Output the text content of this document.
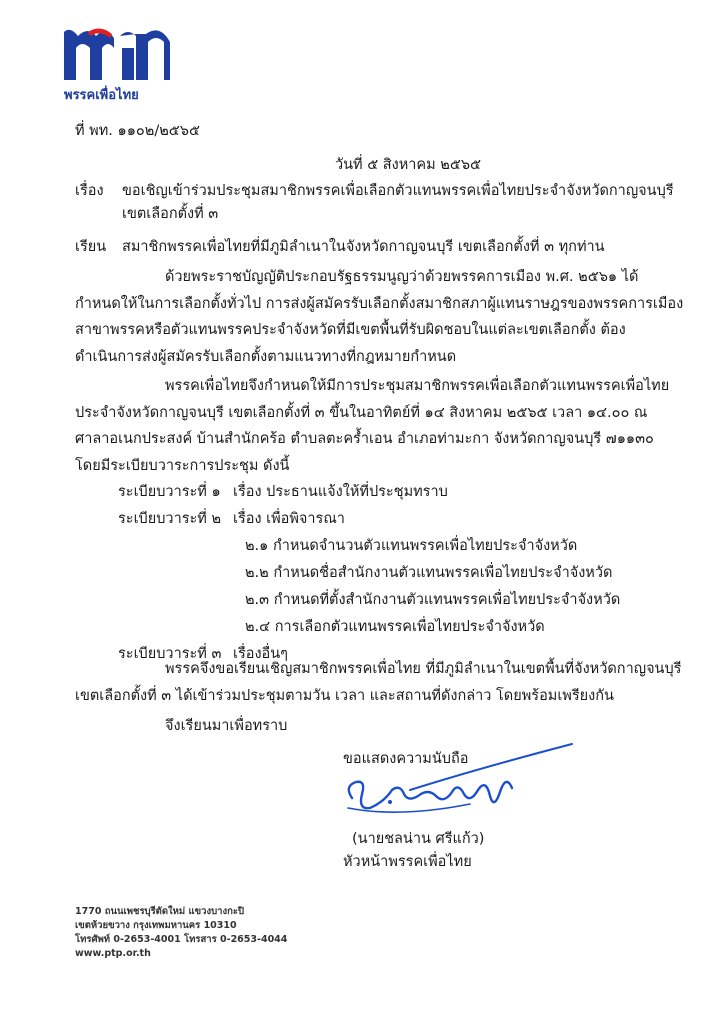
พรรคเพื่อไทย
ที่ พท. ๑๑๐๒/๒๕๖๕
วันที่ ๕ สิงหาคม ๒๕๖๕
เรื่อง ขอเชิญเข้าร่วมประชุมสมาชิกพรรคเพื่อเลือกตัวแทนพรรคเพื่อไทยประจำจังหวัดกาญจนบุรี
เขตเลือกตั้งที่ ๓
เรียน สมาชิกพรรคเพื่อไทยที่มีภูมิลำเนาในจังหวัดกาญจนบุรี เขตเลือกตั้งที่ ๓ ทุกท่าน
ด้วยพระราชบัญญัติประกอบรัฐธรรมนูญว่าด้วยพรรคการเมือง พ.ศ. ๒๕๖๑ ได้
กำหนดให้ในการเลือกตั้งทั่วไป การส่งผู้สมัครรับเลือกตั้งสมาชิกสภาผู้แทนราษฎรของพรรคการเมือง
สาขาพรรคหรือตัวแทนพรรคประจำจังหวัดที่มีเขตพื้นที่รับผิดชอบในแต่ละเขตเลือกตั้ง ต้อง
ดำเนินการส่งผู้สมัครรับเลือกตั้งตามแนวทางที่กฎหมายกำหนด
พรรคเพื่อไทยจึงกำหนดให้มีการประชุมสมาชิกพรรคเพื่อเลือกตัวแทนพรรคเพื่อไทย
ประจำจังหวัดกาญจนบุรี เขตเลือกตั้งที่ ๓ ขึ้นในอาทิตย์ที่ ๑๔ สิงหาคม ๒๕๖๕ เวลา ๑๔.๐๐ ณ
ศาลาอเนกประสงค์ บ้านสำนักคร้อ ตำบลตะคร้ำเอน อำเภอท่ามะกา จังหวัดกาญจนบุรี ๗๑๑๓๐
โดยมีระเบียบวาระการประชุม ดังนี้
ระเบียบวาระที่ ๑ เรื่อง ประธานแจ้งให้ที่ประชุมทราบ
ระเบียบวาระที่ ๒ เรื่อง เพื่อพิจารณา
๒.๑ กำหนดจำนวนตัวแทนพรรคเพื่อไทยประจำจังหวัด
๒.๒ กำหนดชื่อสำนักงานตัวแทนพรรคเพื่อไทยประจำจังหวัด
๒.๓ กำหนดที่ตั้งสำนักงานตัวแทนพรรคเพื่อไทยประจำจังหวัด
๒.๔ การเลือกตัวแทนพรรคเพื่อไทยประจำจังหวัด
ระเบียบวาระที่ ๓ เรื่องอื่นๆ
พรรคจึงขอเรียนเชิญสมาชิกพรรคเพื่อไทย ที่มีภูมิลำเนาในเขตพื้นที่จังหวัดกาญจนบุรี
เขตเลือกตั้งที่ ๓ ได้เข้าร่วมประชุมตามวัน เวลา และสถานที่ดังกล่าว โดยพร้อมเพรียงกัน
จึงเรียนมาเพื่อทราบ
ขอแสดงความนับถือ
(นายชลน่าน ศรีแก้ว)
หัวหน้าพรรคเพื่อไทย
1770 ถนนเพชรบุรีตัดใหม่ แขวงบางกะปิ
เขตห้วยขวาง กรุงเทพมหานคร 10310
โทรศัพท์ 0-2653-4001 โทรสาร 0-2653-4044
www.ptp.or.th
